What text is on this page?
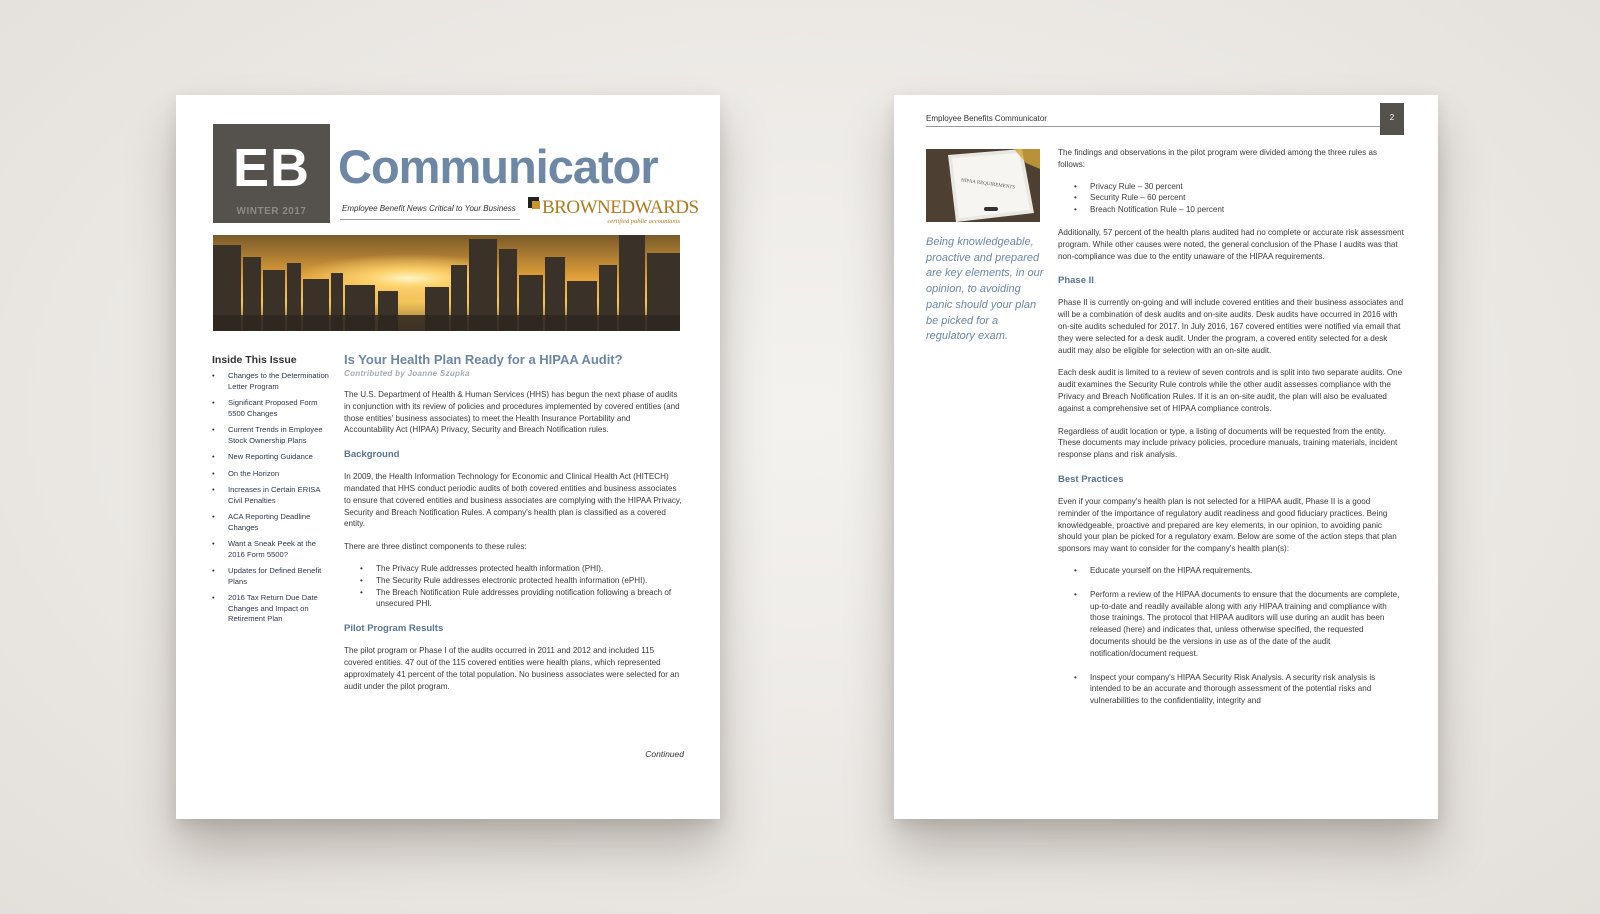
EB
WINTER 2017
Communicator
Employee Benefit News Critical to Your Business BROWNEDWARDS
certified public accountants
Inside This Issue
• Changes to the Determination Letter Program
• Significant Proposed Form 5500 Changes
• Current Trends in Employee Stock Ownership Plans
• New Reporting Guidance
• On the Horizon
• Increases in Certain ERISA Civil Penalties
• ACA Reporting Deadline Changes
• Want a Sneak Peek at the 2016 Form 5500?
• Updates for Defined Benefit Plans
• 2016 Tax Return Due Date Changes and Impact on Retirement Plan
Is Your Health Plan Ready for a HIPAA Audit?
Contributed by Joanne Szupka
The U.S. Department of Health & Human Services (HHS) has begun the next phase of audits in conjunction with its review of policies and procedures implemented by covered entities (and those entities' business associates) to meet the Health Insurance Portability and Accountability Act (HIPAA) Privacy, Security and Breach Notification rules.
Background
In 2009, the Health Information Technology for Economic and Clinical Health Act (HITECH) mandated that HHS conduct periodic audits of both covered entities and business associates to ensure that covered entities and business associates are complying with the HIPAA Privacy, Security and Breach Notification Rules. A company's health plan is classified as a covered entity.
There are three distinct components to these rules:
• The Privacy Rule addresses protected health information (PHI).
• The Security Rule addresses electronic protected health information (ePHI).
• The Breach Notification Rule addresses providing notification following a breach of unsecured PHI.
Pilot Program Results
The pilot program or Phase I of the audits occurred in 2011 and 2012 and included 115 covered entities. 47 out of the 115 covered entities were health plans, which represented approximately 41 percent of the total population. No business associates were selected for an audit under the pilot program.
Continued
Employee Benefits Communicator	2
HIPAA REQUIREMENTS
Being knowledgeable, proactive and prepared are key elements, in our opinion, to avoiding panic should your plan be picked for a regulatory exam.
The findings and observations in the pilot program were divided among the three rules as follows:
• Privacy Rule – 30 percent
• Security Rule – 60 percent
• Breach Notification Rule – 10 percent
Additionally, 57 percent of the health plans audited had no complete or accurate risk assessment program. While other causes were noted, the general conclusion of the Phase I audits was that non-compliance was due to the entity unaware of the HIPAA requirements.
Phase II
Phase II is currently on-going and will include covered entities and their business associates and will be a combination of desk audits and on-site audits. Desk audits have occurred in 2016 with on-site audits scheduled for 2017. In July 2016, 167 covered entities were notified via email that they were selected for a desk audit. Under the program, a covered entity selected for a desk audit may also be eligible for selection with an on-site audit.
Each desk audit is limited to a review of seven controls and is split into two separate audits. One audit examines the Security Rule controls while the other audit assesses compliance with the Privacy and Breach Notification Rules. If it is an on-site audit, the plan will also be evaluated against a comprehensive set of HIPAA compliance controls.
Regardless of audit location or type, a listing of documents will be requested from the entity. These documents may include privacy policies, procedure manuals, training materials, incident response plans and risk analysis.
Best Practices
Even if your company's health plan is not selected for a HIPAA audit, Phase II is a good reminder of the importance of regulatory audit readiness and good fiduciary practices. Being knowledgeable, proactive and prepared are key elements, in our opinion, to avoiding panic should your plan be picked for a regulatory exam. Below are some of the action steps that plan sponsors may want to consider for the company's health plan(s):
• Educate yourself on the HIPAA requirements.
• Perform a review of the HIPAA documents to ensure that the documents are complete, up-to-date and readily available along with any HIPAA training and compliance with those trainings. The protocol that HIPAA auditors will use during an audit has been released (here) and indicates that, unless otherwise specified, the requested documents should be the versions in use as of the date of the audit notification/document request.
• Inspect your company's HIPAA Security Risk Analysis. A security risk analysis is intended to be an accurate and thorough assessment of the potential risks and vulnerabilities to the confidentiality, integrity and
